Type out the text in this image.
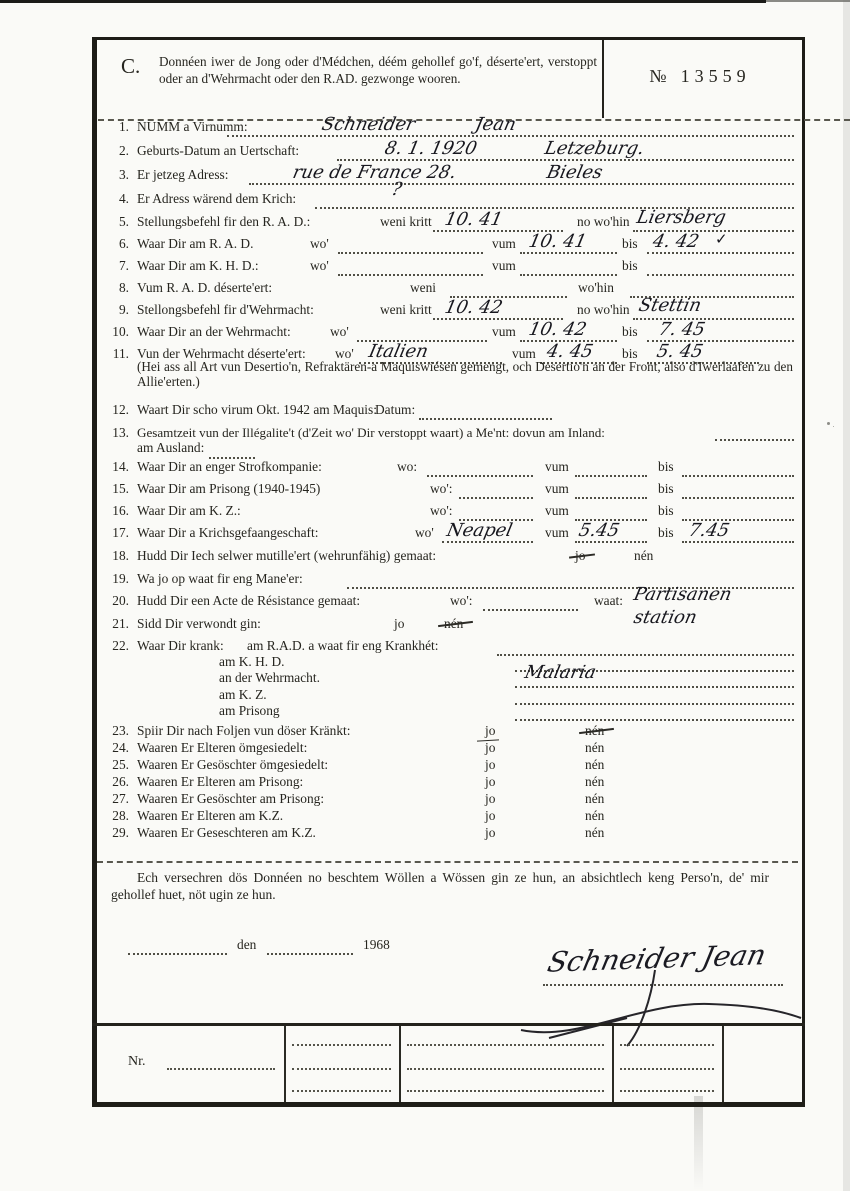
C. Donnéen iwer de Jong oder d'Médchen, déém gehollef go'f, déserte'ert, verstoppt oder an d'Wehrmacht oder den R.AD. gezwonge wooren.	№ 13559
1. NUMM a Virnumm:	Schneider Jean
2. Geburts-Datum an Uertschaft:	8. 1. 1920	Letzeburg.
3. Er jetzeg Adress:	rue de France 28.	Bieles
4. Er Adress wärend dem Krich:	?
5. Stellungsbefehl fir den R. A. D.:	weni kritt 10. 41	no wo'hin Liersberg
6. Waar Dir am R. A. D.	wo'	vum 10. 41	bis 4. 42 ✓
7. Waar Dir am K. H. D.:	wo'	vum	bis
8. Vum R. A. D. déserte'ert:	weni	wo'hin
9. Stellongsbefehl fir d'Wehrmacht:	weni kritt 10. 42	no wo'hin Stettin
10. Waar Dir an der Wehrmacht:	wo'	vum 10. 42	bis 7. 45
11. Vun der Wehrmacht déserte'ert: wo' Italien	vum 4. 45 bis 5. 45
(Hei ass all Art vun Desertio'n, Refraktären-a Maquiswiésen gemengt, och Desertio'n an der Front, also d'Iwerlaafen zu den Allie'erten.)
12. Waart Dir scho virum Okt. 1942 am Maquis:
Datum:
13. Gesamtzeit vun der Illégalite't (d'Zeit wo' Dir verstoppt waart) a Me'nt: dovun am Inland:
am Ausland:
14. Waar Dir an enger Strofkompanie:	wo:	vum	bis
15. Waar Dir am Prisong (1940-1945)	wo':	vum	bis
16. Waar Dir am K. Z.:	wo':	vum	bis
17. Waar Dir a Krichsgefaangeschaft:	wo' Neapel vum 5.45	bis 7.45
18. Hudd Dir Iech selwer mutille'ert (wehrunfähig) gemaat:	jo	nén
19. Wa jo op waat fir eng Mane'er:
20. Hudd Dir een Acte de Résistance gemaat:	wo':	waat: Partisanen
station
21. Sidd Dir verwondt gin:	jo	nén
22. Waar Dir krank: am R.A.D. a waat fir eng Krankhét:
am K. H. D.
an der Wehrmacht.	Malaria
am K. Z.
am Prisong
23. Spiir Dir nach Foljen vun döser Kränkt:	jo	nén
24. Waaren Er Elteren ömgesiedelt:	jo	nén
25. Waaren Er Gesöschter ömgesiedelt:	jo	nén
26. Waaren Er Elteren am Prisong:	jo	nén
27. Waaren Er Gesöschter am Prisong:	jo	nén
28. Waaren Er Elteren am K.Z.	jo	nén
29. Waaren Er Geseschteren am K.Z.	jo	nén
Ech versechren dös Donnéen no beschtem Wöllen a Wössen gin ze hun, an absichtlech keng Perso'n, de' mir gehollef huet, nöt ugin ze hun.
den	1968	Schneider Jean
Nr.
